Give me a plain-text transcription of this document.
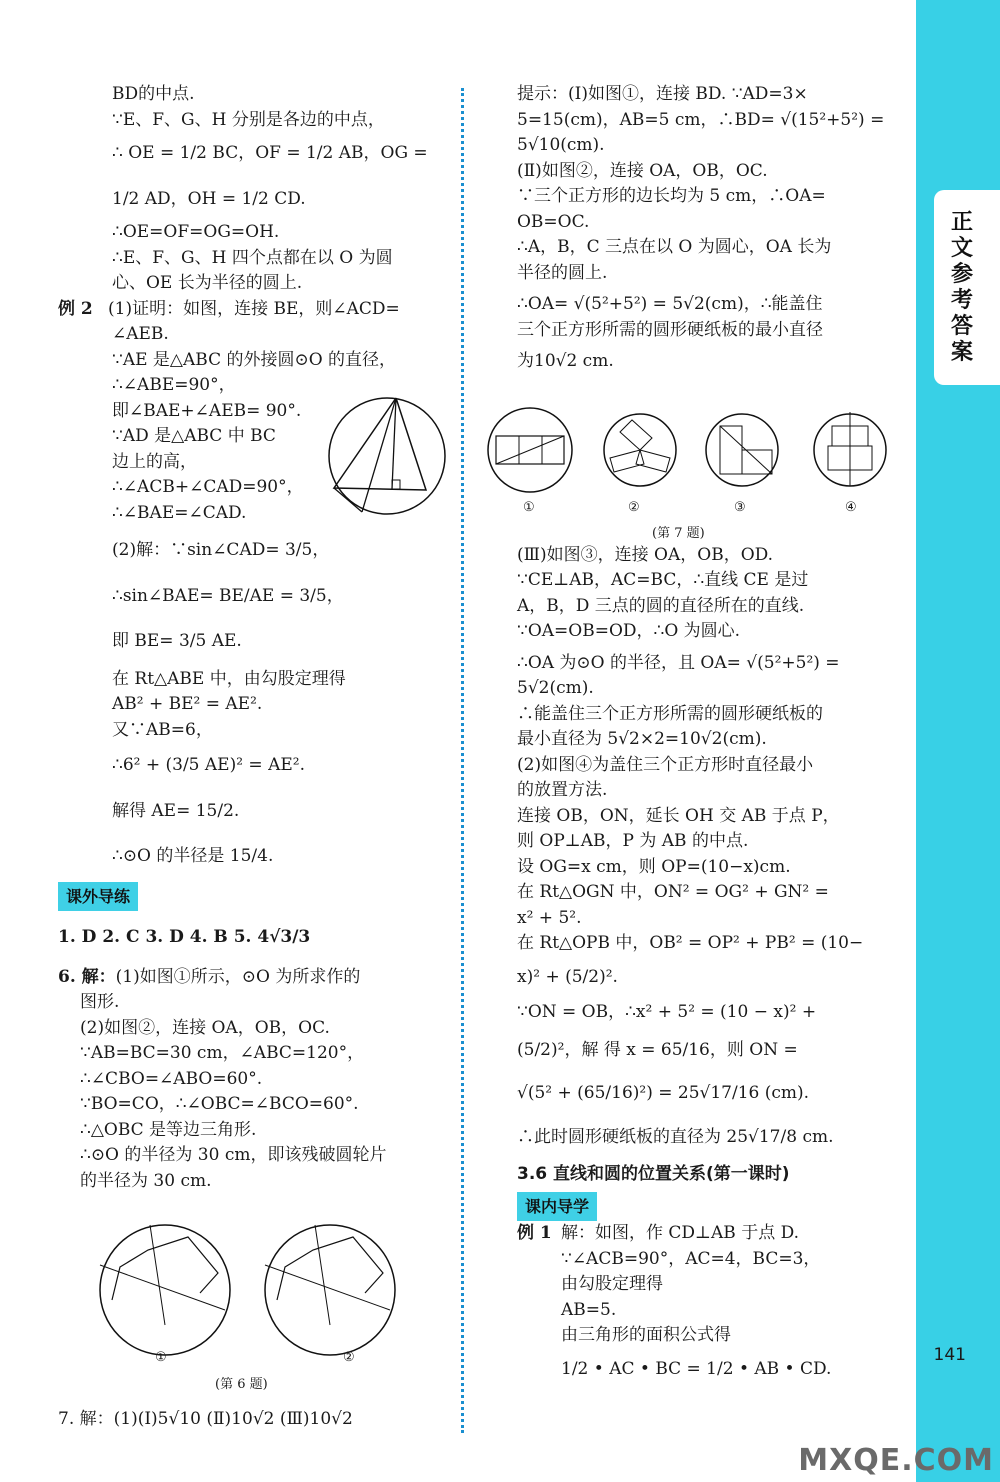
正文参考答案
BD的中点.
∵E、F、G、H 分别是各边的中点，
∴ OE = 1/2 BC，OF = 1/2 AB，OG =
1/2 AD，OH = 1/2 CD.
∴OE=OF=OG=OH.
∴E、F、G、H 四个点都在以 O 为圆
心、OE 长为半径的圆上.
例 2 (1)证明：如图，连接 BE，则∠ACD=
∠AEB.
∵AE 是△ABC 的外接圆⊙O 的直径，
∴∠ABE=90°，
即∠BAE+∠AEB= 90°.
∵AD 是△ABC 中 BC
边上的高，
∴∠ACB+∠CAD=90°，
∴∠BAE=∠CAD.
(2)解：∵sin∠CAD= 3/5，
∴sin∠BAE= BE/AE = 3/5，
即 BE= 3/5 AE.
在 Rt△ABE 中，由勾股定理得
AB² + BE² = AE².
又∵AB=6，
∴6² + (3/5 AE)² = AE².
解得 AE= 15/2.
∴⊙O 的半径是 15/4.
课外导练
1. D 2. C 3. D 4. B 5. 4√3/3
6. 解：(1)如图①所示，⊙O 为所求作的
图形.
(2)如图②，连接 OA，OB，OC.
∵AB=BC=30 cm，∠ABC=120°，
∴∠CBO=∠ABO=60°.
∵BO=CO，∴∠OBC=∠BCO=60°.
∴△OBC 是等边三角形.
∴⊙O 的半径为 30 cm，即该残破圆轮片
的半径为 30 cm.
①	②
(第 6 题)
7. 解：(1)(Ⅰ)5√10 (Ⅱ)10√2 (Ⅲ)10√2
提示：(Ⅰ)如图①，连接 BD. ∵AD=3×
5=15(cm)，AB=5 cm，∴BD= √(15²+5²) =
5√10(cm).
(Ⅱ)如图②，连接 OA，OB，OC.
∵三个正方形的边长均为 5 cm，∴OA=
OB=OC.
∴A，B，C 三点在以 O 为圆心，OA 长为
半径的圆上.
∴OA= √(5²+5²) = 5√2(cm)，∴能盖住
三个正方形所需的圆形硬纸板的最小直径
为10√2 cm.
(Ⅲ)如图③，连接 OA，OB，OD.
∵CE⊥AB，AC=BC，∴直线 CE 是过
A，B，D 三点的圆的直径所在的直线.
∵OA=OB=OD，∴O 为圆心.
∴OA 为⊙O 的半径，且 OA= √(5²+5²) =
5√2(cm).
∴能盖住三个正方形所需的圆形硬纸板的
最小直径为 5√2×2=10√2(cm).
(2)如图④为盖住三个正方形时直径最小
的放置方法.
连接 OB，ON，延长 OH 交 AB 于点 P，
则 OP⊥AB，P 为 AB 的中点.
设 OG=x cm，则 OP=(10−x)cm.
在 Rt△OGN 中，ON² = OG² + GN² =
x² + 5².
在 Rt△OPB 中，OB² = OP² + PB² = (10−
x)² + (5/2)².
∵ON = OB，∴x² + 5² = (10 − x)² +
(5/2)²，解 得 x = 65/16，则 ON =
√(5² + (65/16)²) = 25√17/16 (cm).
∴此时圆形硬纸板的直径为 25√17/8 cm.
3.6 直线和圆的位置关系(第一课时)
课内导学
例 1 解：如图，作 CD⊥AB 于点 D.
∵∠ACB=90°，AC=4，BC=3，
由勾股定理得
AB=5.
由三角形的面积公式得
1/2 • AC • BC = 1/2 • AB • CD.
①	②	③	④
(第 7 题)
141
MXQE.COM
